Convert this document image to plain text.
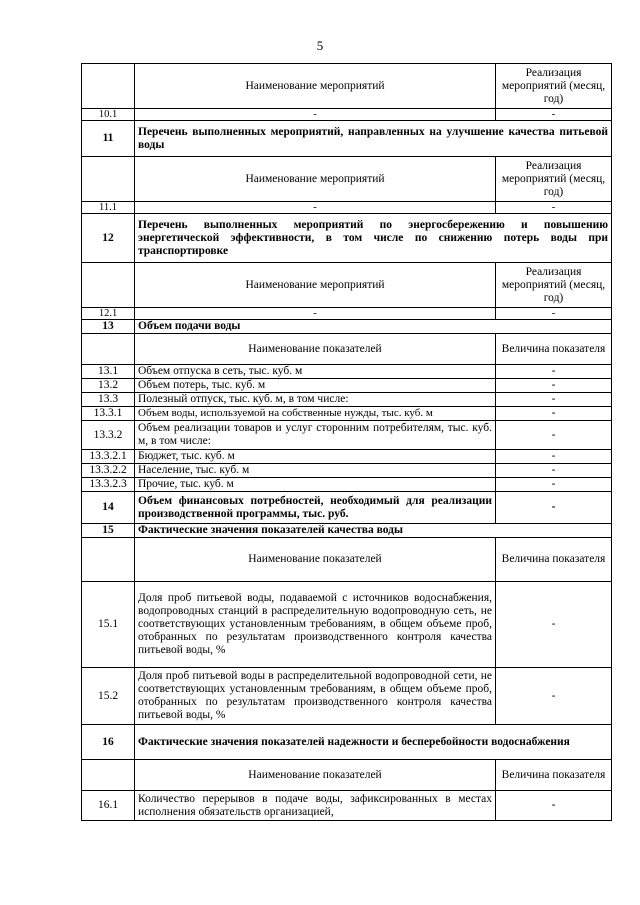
5
	Наименование мероприятий	Реализация мероприятий (месяц, год)
10.1	-	-
11	Перечень выполненных мероприятий, направленных на улучшение качества питьевой воды	
	Наименование мероприятий	Реализация мероприятий (месяц, год)
11.1	-	-
12	Перечень выполненных мероприятий по энергосбережению и повышению энергетической эффективности, в том числе по снижению потерь воды при транспортировке	
	Наименование мероприятий	Реализация мероприятий (месяц, год)
12.1	-	-
13	Объем подачи воды	
	Наименование показателей	Величина показателя
13.1	Объем отпуска в сеть, тыс. куб. м	-
13.2	Объем потерь, тыс. куб. м	-
13.3	Полезный отпуск, тыс. куб. м, в том числе:	-
13.3.1	Объем воды, используемой на собственные нужды, тыс. куб. м	-
13.3.2	Объем реализации товаров и услуг сторонним потребителям, тыс. куб. м, в том числе:	-
13.3.2.1	Бюджет, тыс. куб. м	-
13.3.2.2	Население, тыс. куб. м	-
13.3.2.3	Прочие, тыс. куб. м	-
14	Объем финансовых потребностей, необходимый для реализации производственной программы, тыс. руб.	-
15	Фактические значения показателей качества воды	
	Наименование показателей	Величина показателя
15.1	Доля проб питьевой воды, подаваемой с источников водоснабжения, водопроводных станций в распределительную водопроводную сеть, не соответствующих установленным требованиям, в общем объеме проб, отобранных по результатам производственного контроля качества питьевой воды, %	-
15.2	Доля проб питьевой воды в распределительной водопроводной сети, не соответствующих установленным требованиям, в общем объеме проб, отобранных по результатам производственного контроля качества питьевой воды, %	-
16	Фактические значения показателей надежности и бесперебойности водоснабжения	
	Наименование показателей	Величина показателя
16.1	Количество перерывов в подаче воды, зафиксированных в местах исполнения обязательств организацией,	-
